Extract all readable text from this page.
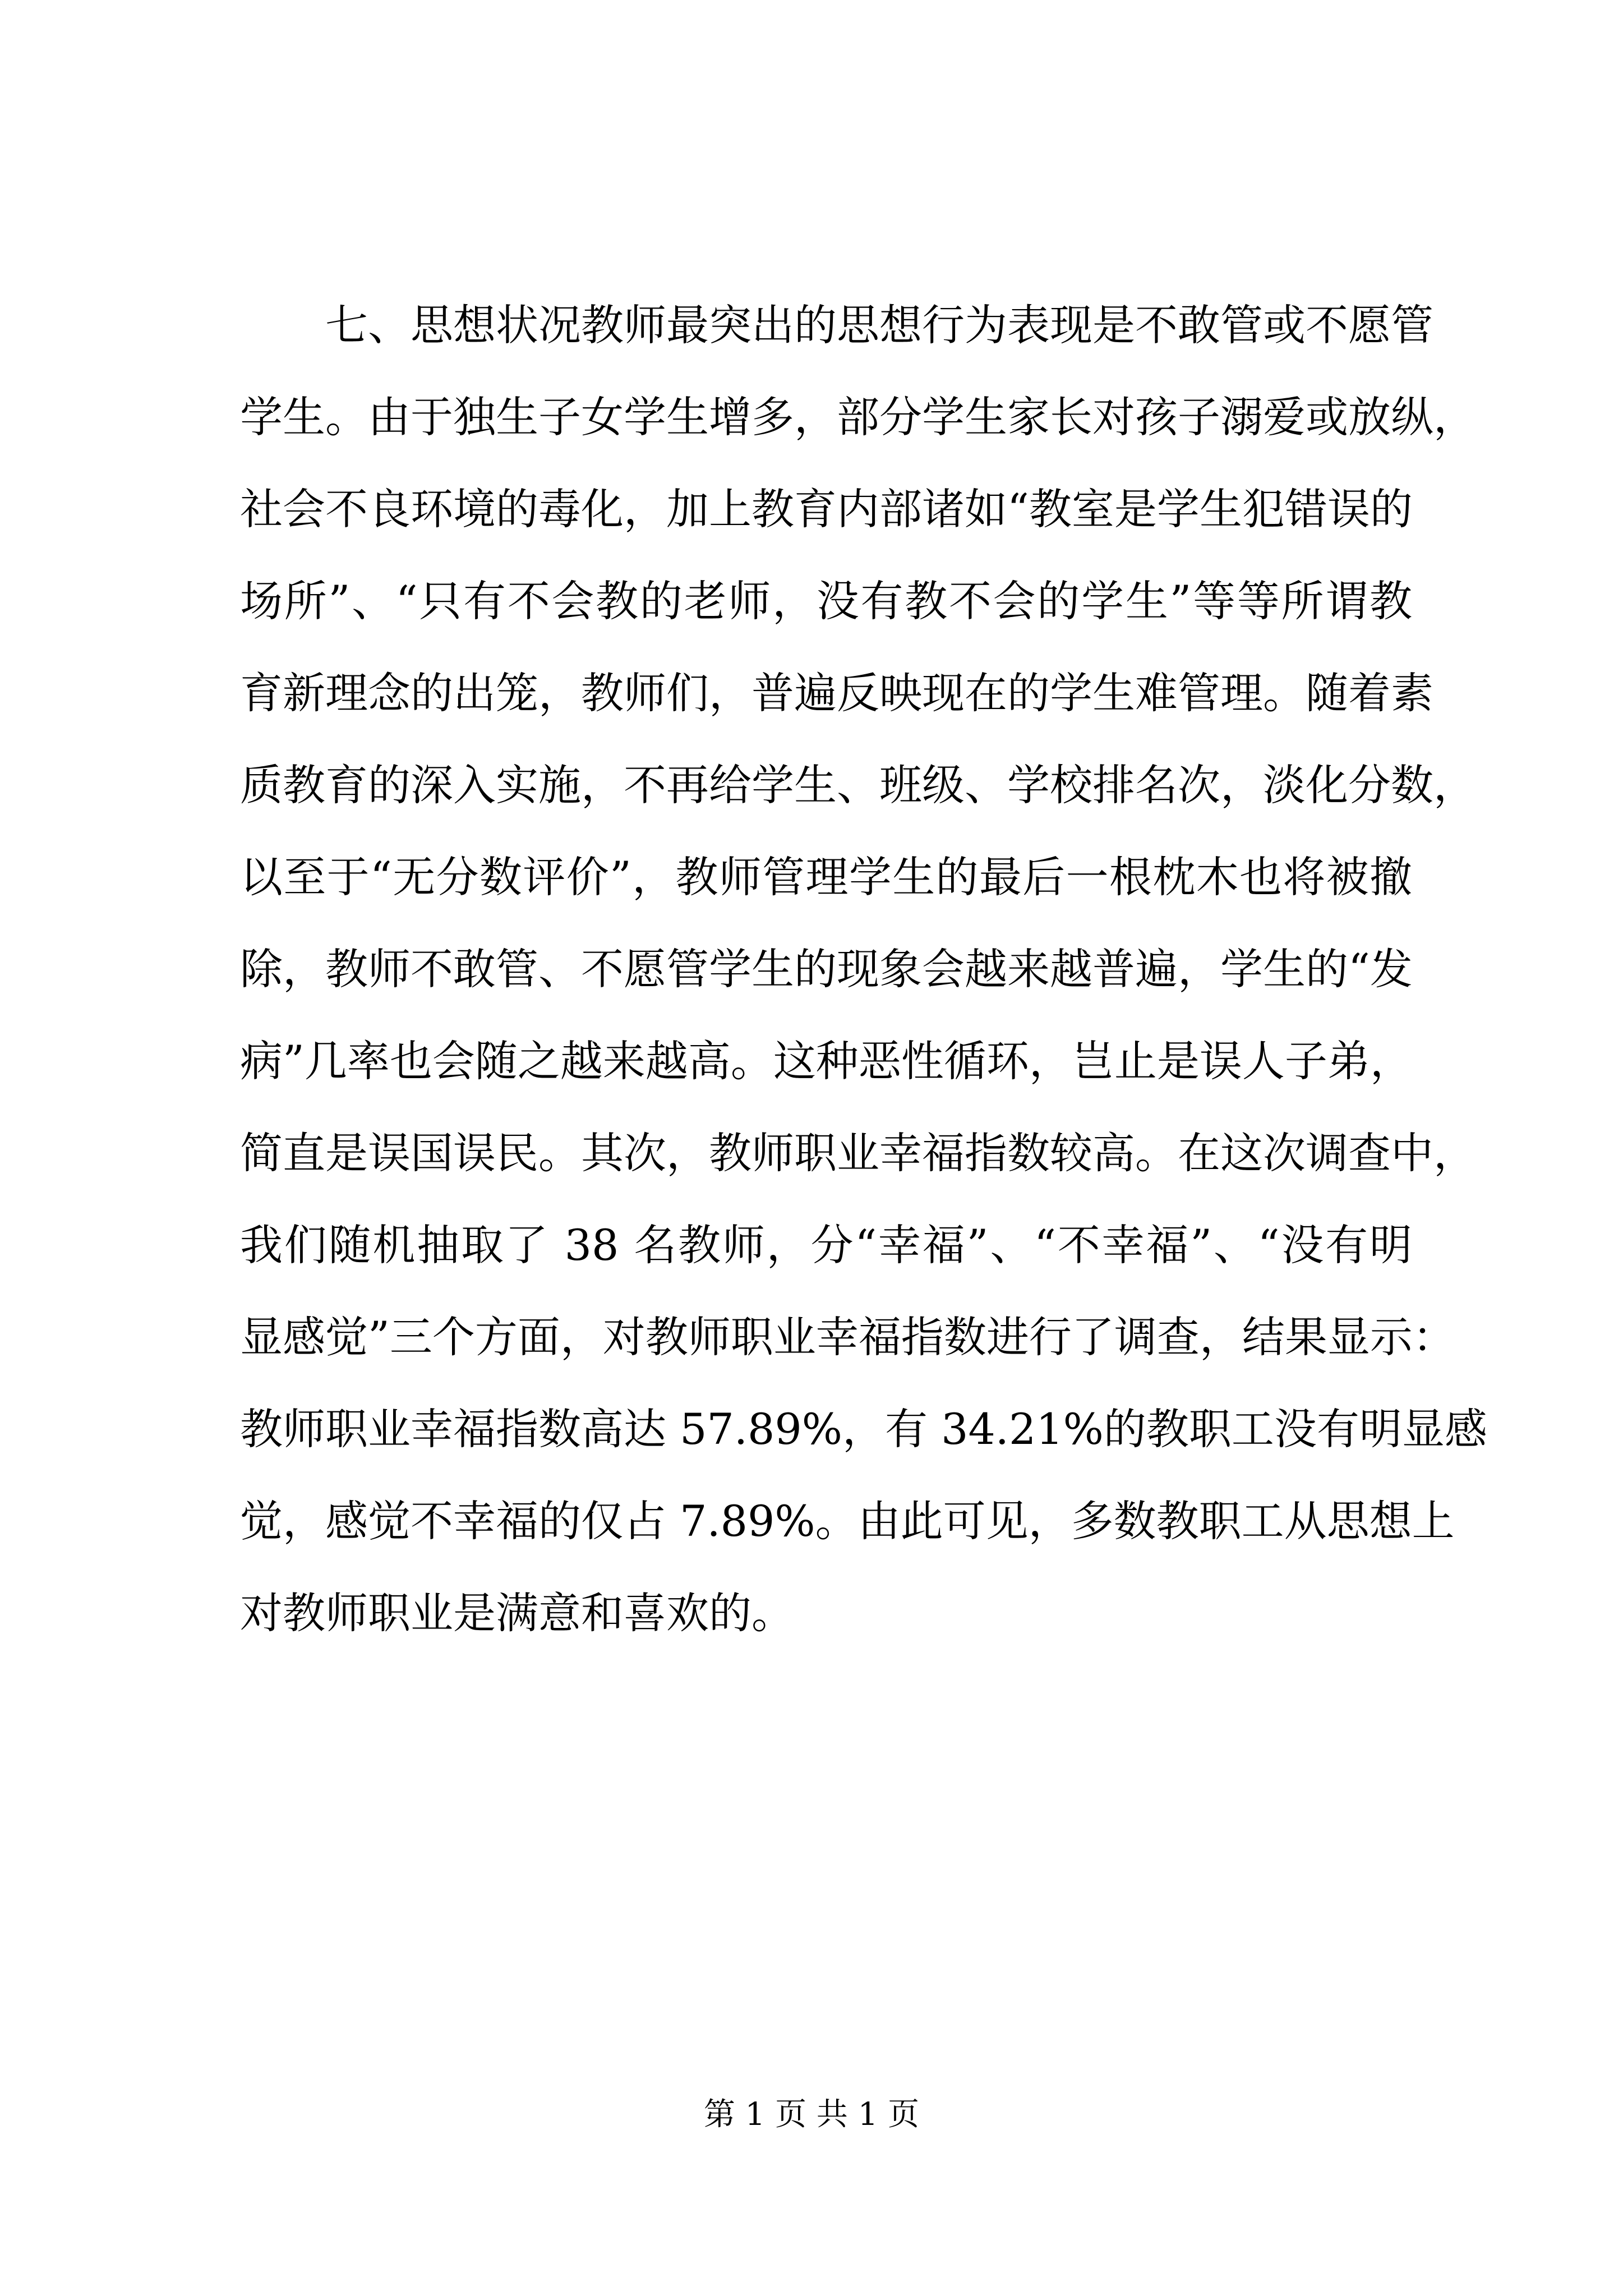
七、思想状况教师最突出的思想行为表现是不敢管或不愿管
学生。由于独生子女学生增多，部分学生家长对孩子溺爱或放纵，
社会不良环境的毒化，加上教育内部诸如“教室是学生犯错误的
场所”、“只有不会教的老师，没有教不会的学生”等等所谓教
育新理念的出笼，教师们，普遍反映现在的学生难管理。随着素
质教育的深入实施，不再给学生、班级、学校排名次，淡化分数，
以至于“无分数评价”，教师管理学生的最后一根枕木也将被撤
除，教师不敢管、不愿管学生的现象会越来越普遍，学生的“发
病”几率也会随之越来越高。这种恶性循环，岂止是误人子弟，
简直是误国误民。其次，教师职业幸福指数较高。在这次调查中，
我们随机抽取了 38 名教师，分“幸福”、“不幸福”、“没有明
显感觉”三个方面，对教师职业幸福指数进行了调查，结果显示：
教师职业幸福指数高达 57.89%，有 34.21%的教职工没有明显感
觉，感觉不幸福的仅占 7.89%。由此可见，多数教职工从思想上
对教师职业是满意和喜欢的。
第 1 页 共 1 页
